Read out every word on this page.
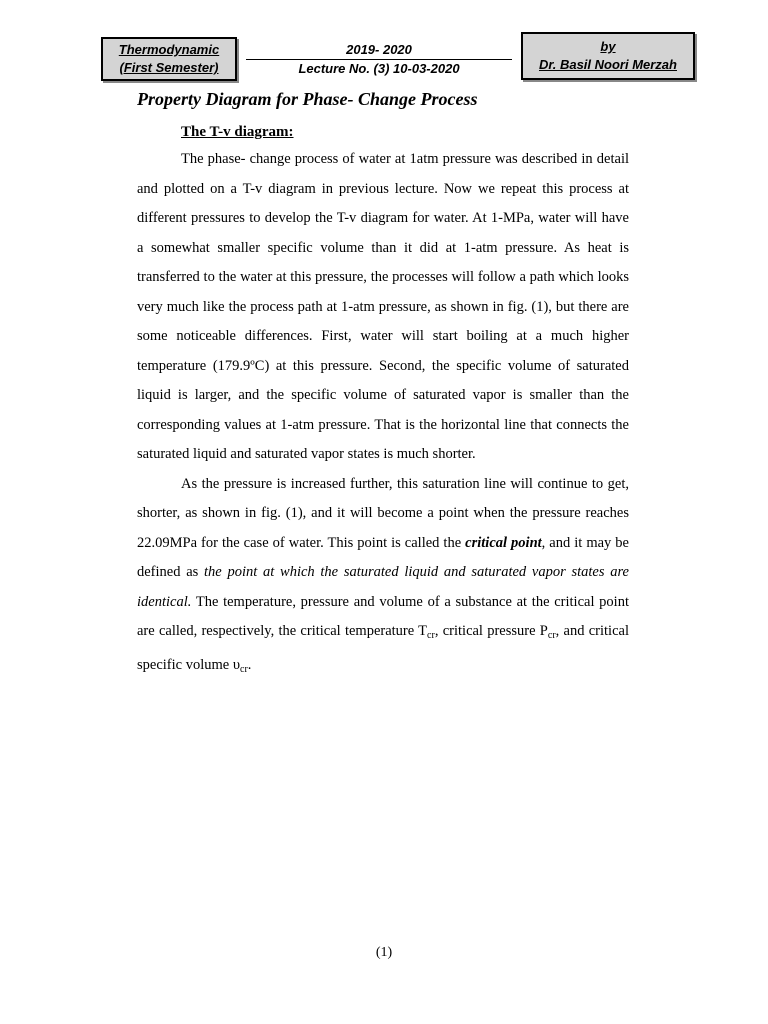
Thermodynamic
(First Semester)
2019- 2020
Lecture No. (3) 10-03-2020
by
Dr. Basil Noori Merzah
Property Diagram for Phase- Change Process
The T-v diagram:

The phase- change process of water at 1atm pressure was described in detail and plotted on a T-v diagram in previous lecture. Now we repeat this process at different pressures to develop the T-v diagram for water. At 1-MPa, water will have a somewhat smaller specific volume than it did at 1-atm pressure. As heat is transferred to the water at this pressure, the processes will follow a path which looks very much like the process path at 1-atm pressure, as shown in fig. (1), but there are some noticeable differences. First, water will start boiling at a much higher temperature (179.9ºC) at this pressure. Second, the specific volume of saturated liquid is larger, and the specific volume of saturated vapor is smaller than the corresponding values at 1-atm pressure. That is the horizontal line that connects the saturated liquid and saturated vapor states is much shorter.

As the pressure is increased further, this saturation line will continue to get, shorter, as shown in fig. (1), and it will become a point when the pressure reaches 22.09MPa for the case of water. This point is called the critical point, and it may be defined as the point at which the saturated liquid and saturated vapor states are identical. The temperature, pressure and volume of a substance at the critical point are called, respectively, the critical temperature $T_{cr}$, critical pressure $P_{cr}$, and critical specific volume $\upsilon_{cr}$.

(1)
